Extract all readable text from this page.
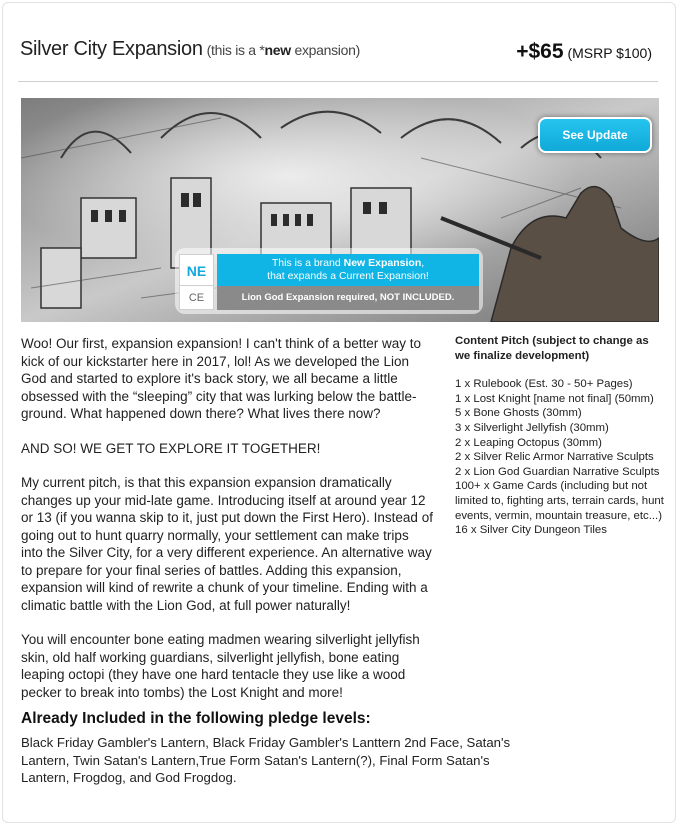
Silver City Expansion (this is a *new expansion)	+$65 (MSRP $100)
See Update
NE
CE
This is a brand New Expansion,
that expands a Current Expansion!
Lion God Expansion required, NOT INCLUDED.

Woo! Our first, expansion expansion! I can't think of a better way to kick of our kickstarter here in 2017, lol! As we developed the Lion God and started to explore it's back story, we all became a little obsessed with the “sleeping” city that was lurking below the battle-ground. What happened down there? What lives there now?

AND SO! WE GET TO EXPLORE IT TOGETHER!

My current pitch, is that this expansion expansion dramatically changes up your mid-late game. Introducing itself at around year 12 or 13 (if you wanna skip to it, just put down the First Hero). Instead of going out to hunt quarry normally, your settlement can make trips into the Silver City, for a very different experience. An alternative way to prepare for your final series of battles. Adding this expansion, expansion will kind of rewrite a chunk of your timeline. Ending with a climatic battle with the Lion God, at full power naturally!

You will encounter bone eating madmen wearing silverlight jellyfish skin, old half working guardians, silverlight jellyfish, bone eating leaping octopi (they have one hard tentacle they use like a wood pecker to break into tombs) the Lost Knight and more!

Content Pitch (subject to change as we finalize development)
1 x Rulebook (Est. 30 - 50+ Pages)
1 x Lost Knight [name not final] (50mm)
5 x Bone Ghosts (30mm)
3 x Silverlight Jellyfish (30mm)
2 x Leaping Octopus (30mm)
2 x Silver Relic Armor Narrative Sculpts
2 x Lion God Guardian Narrative Sculpts
100+ x Game Cards (including but not limited to, fighting arts, terrain cards, hunt events, vermin, mountain treasure, etc...)
16 x Silver City Dungeon Tiles
Already Included in the following pledge levels:
Black Friday Gambler's Lantern, Black Friday Gambler's Lanttern 2nd Face, Satan's Lantern, Twin Satan's Lantern,True Form Satan's Lantern(?), Final Form Satan's Lantern, Frogdog, and God Frogdog.
